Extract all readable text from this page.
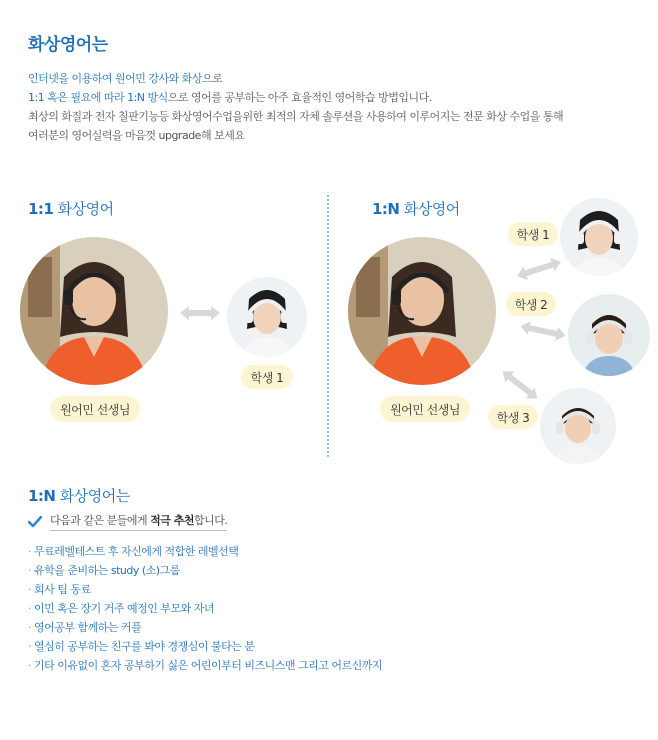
화상영어는
인터넷을 이용하여 원어민 강사와 화상으로
1:1 혹은 필요에 따라 1:N 방식으로 영어를 공부하는 아주 효율적인 영어학습 방법입니다.
최상의 화질과 전자 칠판기능등 화상영어수업을위한 최적의 자체 솔루션을 사용하여 이루어지는 전문 화상 수업을 통해
여러분의 영어실력을 마음껏 upgrade해 보세요
1:1 화상영어	1:N 화상영어
학생 1
원어민 선생님	원어민 선생님
학생 1
학생 2
학생 3
1:N 화상영어는
다음과 같은 분들에게 적극 추천합니다.
· 무료레벨테스트 후 자신에게 적합한 레벨선택
· 유학을 준비하는 study (소)그룹
· 회사 팀 동료
· 이민 혹은 장기 거주 예정인 부모와 자녀
· 영어공부 함께하는 커플
· 열심히 공부하는 친구를 봐야 경쟁심이 불타는 분
· 기타 이유없이 혼자 공부하기 싫은 어린이부터 비즈니스맨 그리고 어르신까지
